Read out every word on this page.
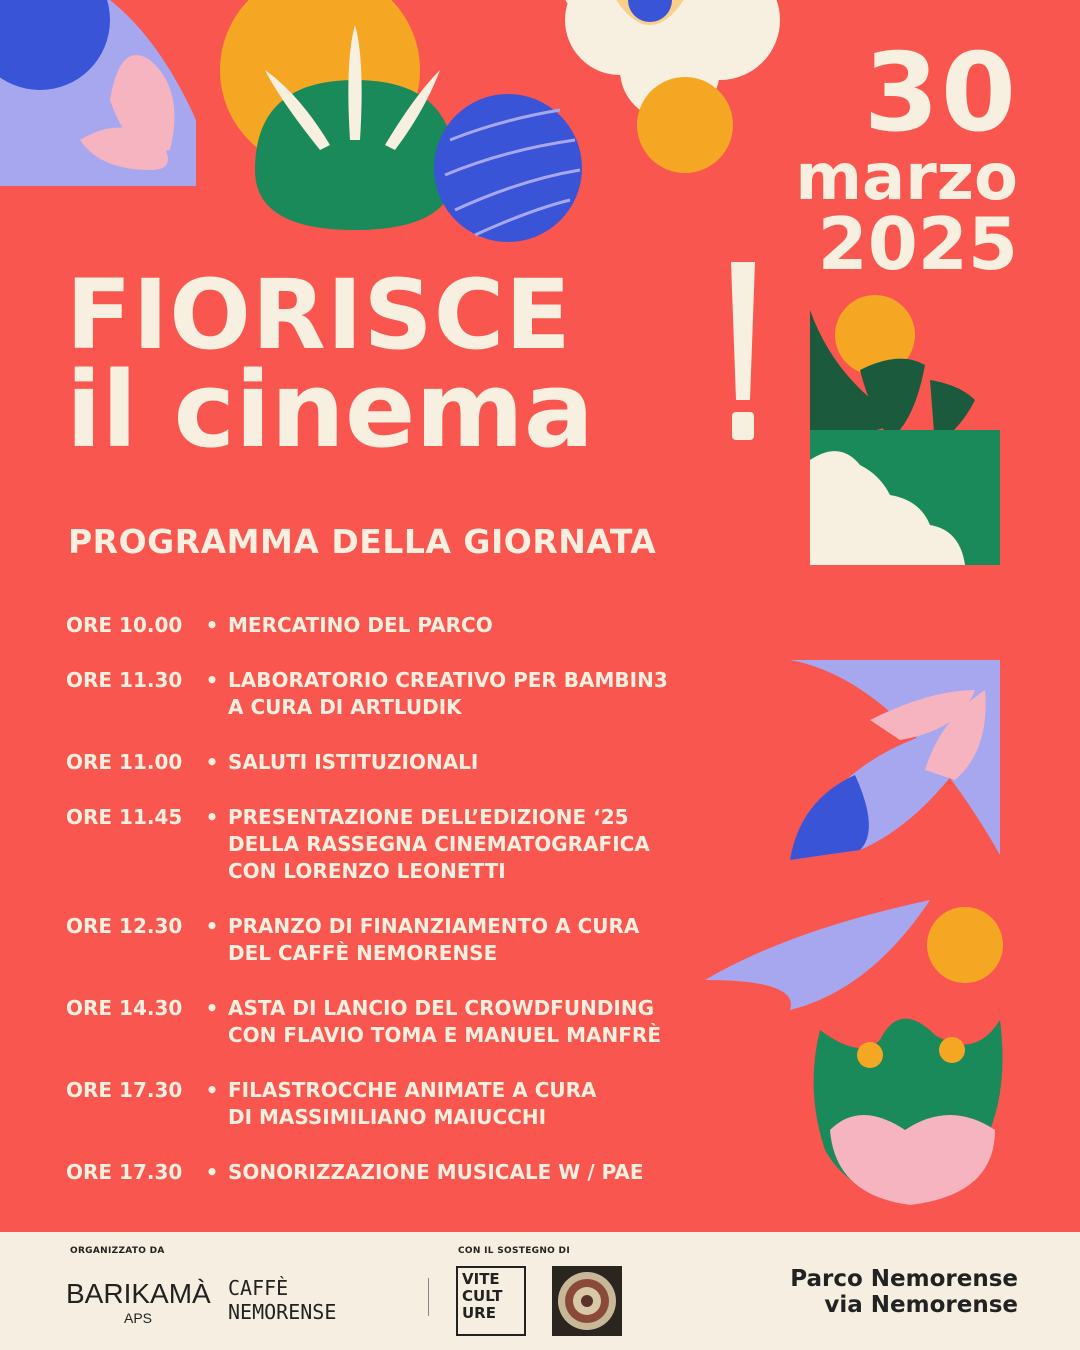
30
marzo
2025
FIORISCE
il cinema
PROGRAMMA DELLA GIORNATA
ORE 10.00	• MERCATINO DEL PARCO
ORE 11.30	• LABORATORIO CREATIVO PER BAMBIN3
A CURA DI ARTLUDIK
ORE 11.00	• SALUTI ISTITUZIONALI
ORE 11.45	• PRESENTAZIONE DELL’EDIZIONE ‘25
DELLA RASSEGNA CINEMATOGRAFICA
CON LORENZO LEONETTI
ORE 12.30	• PRANZO DI FINANZIAMENTO A CURA
DEL CAFFÈ NEMORENSE
ORE 14.30	• ASTA DI LANCIO DEL CROWDFUNDING
CON FLAVIO TOMA E MANUEL MANFRÈ
ORE 17.30	• FILASTROCCHE ANIMATE A CURA
DI MASSIMILIANO MAIUCCHI
ORE 17.30	• SONORIZZAZIONE MUSICALE W / PAE
ORGANIZZATO DA	CON IL SOSTEGNO DI
BARIKAMÀ
APS
CAFFÈ
NEMORENSE
VITE CULT URE
Parco Nemorense
via Nemorense
